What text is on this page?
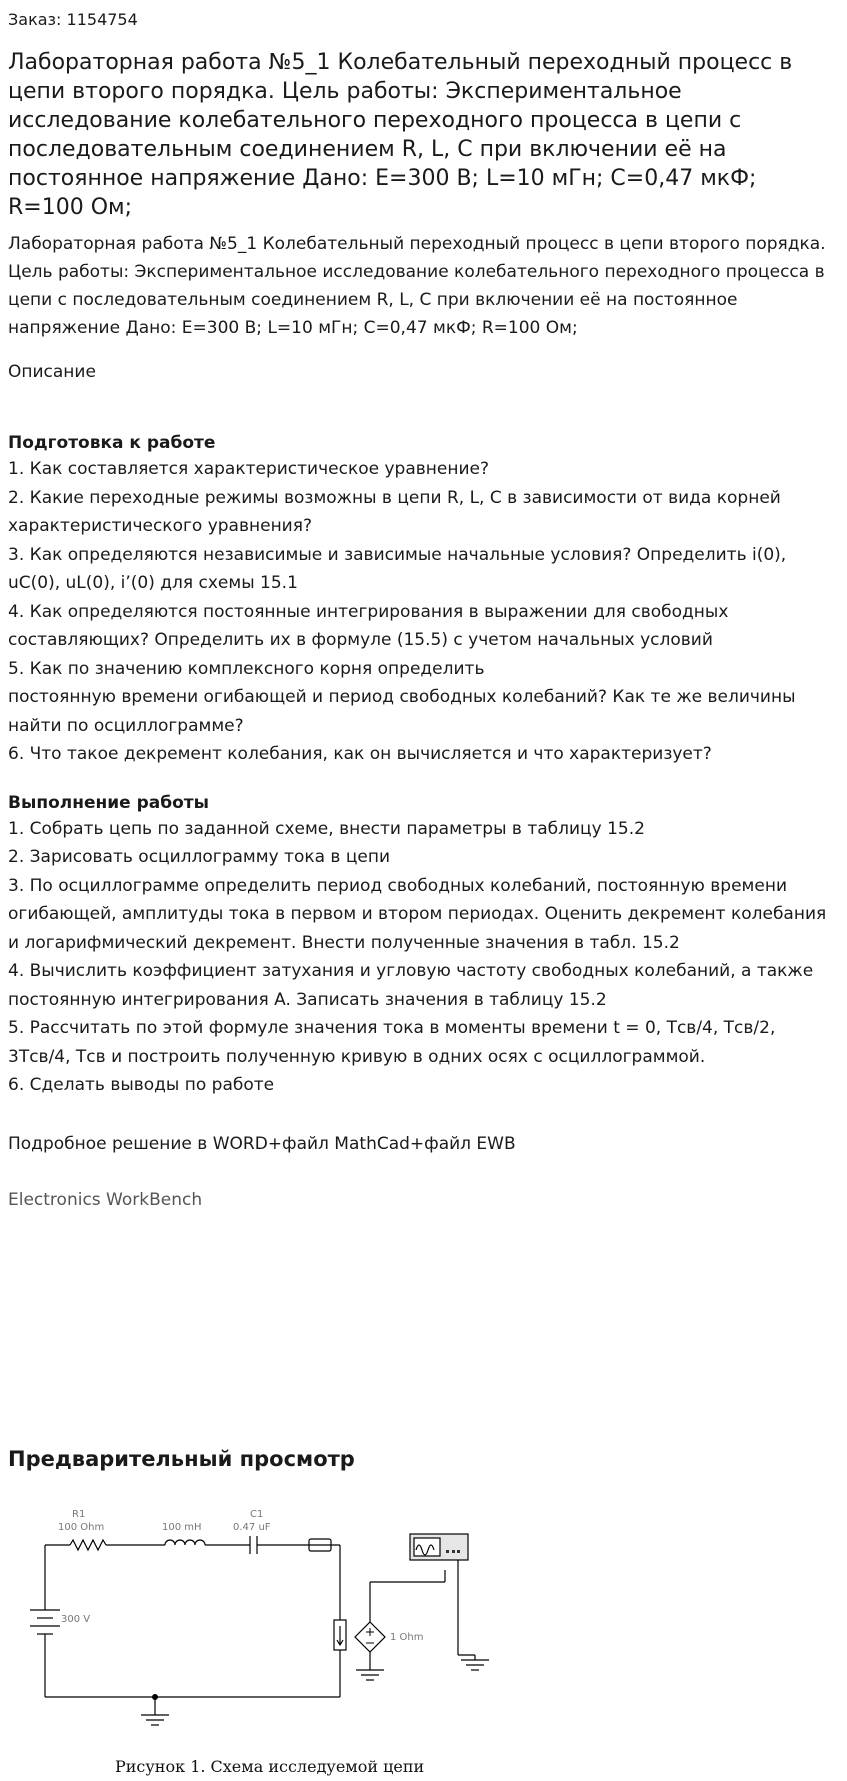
Заказ: 1154754
Лабораторная работа №5_1 Колебательный переходный процесс в цепи второго порядка. Цель работы: Экспериментальное исследование колебательного переходного процесса в цепи с последовательным соединением R, L, C при включении её на постоянное напряжение Дано: E=300 В; L=10 мГн; C=0,47 мкФ; R=100 Ом;
Лабораторная работа №5_1 Колебательный переходный процесс в цепи второго порядка. Цель работы: Экспериментальное исследование колебательного переходного процесса в цепи с последовательным соединением R, L, C при включении её на постоянное напряжение Дано: E=300 В; L=10 мГн; C=0,47 мкФ; R=100 Ом;
Описание
Подготовка к работе
1. Как составляется характеристическое уравнение?
2. Какие переходные режимы возможны в цепи R, L, C в зависимости от вида корней характеристического уравнения?
3. Как определяются независимые и зависимые начальные условия? Определить i(0), uC(0), uL(0), i’(0) для схемы 15.1
4. Как определяются постоянные интегрирования в выражении для свободных составляющих? Определить их в формуле (15.5) с учетом начальных условий
5. Как по значению комплексного корня определить
постоянную времени огибающей и период свободных колебаний? Как те же величины найти по осциллограмме?
6. Что такое декремент колебания, как он вычисляется и что характеризует?
Выполнение работы
1. Собрать цепь по заданной схеме, внести параметры в таблицу 15.2
2. Зарисовать осциллограмму тока в цепи
3. По осциллограмме определить период свободных колебаний, постоянную времени огибающей, амплитуды тока в первом и втором периодах. Оценить декремент колебания и логарифмический декремент. Внести полученные значения в табл. 15.2
4. Вычислить коэффициент затухания и угловую частоту свободных колебаний, а также постоянную интегрирования A. Записать значения в таблицу 15.2
5. Рассчитать по этой формуле значения тока в моменты времени t = 0, Tсв/4, Tсв/2, 3Tсв/4, Tсв и построить полученную кривую в одних осях с осциллограммой.
6. Сделать выводы по работе
Подробное решение в WORD+файл MathCad+файл EWB
Electronics WorkBench
Предварительный просмотр
R1
100 Ohm	100 mH
C1
0.47 uF
300 V
1 Ohm
Рисунок 1. Схема исследуемой цепи
